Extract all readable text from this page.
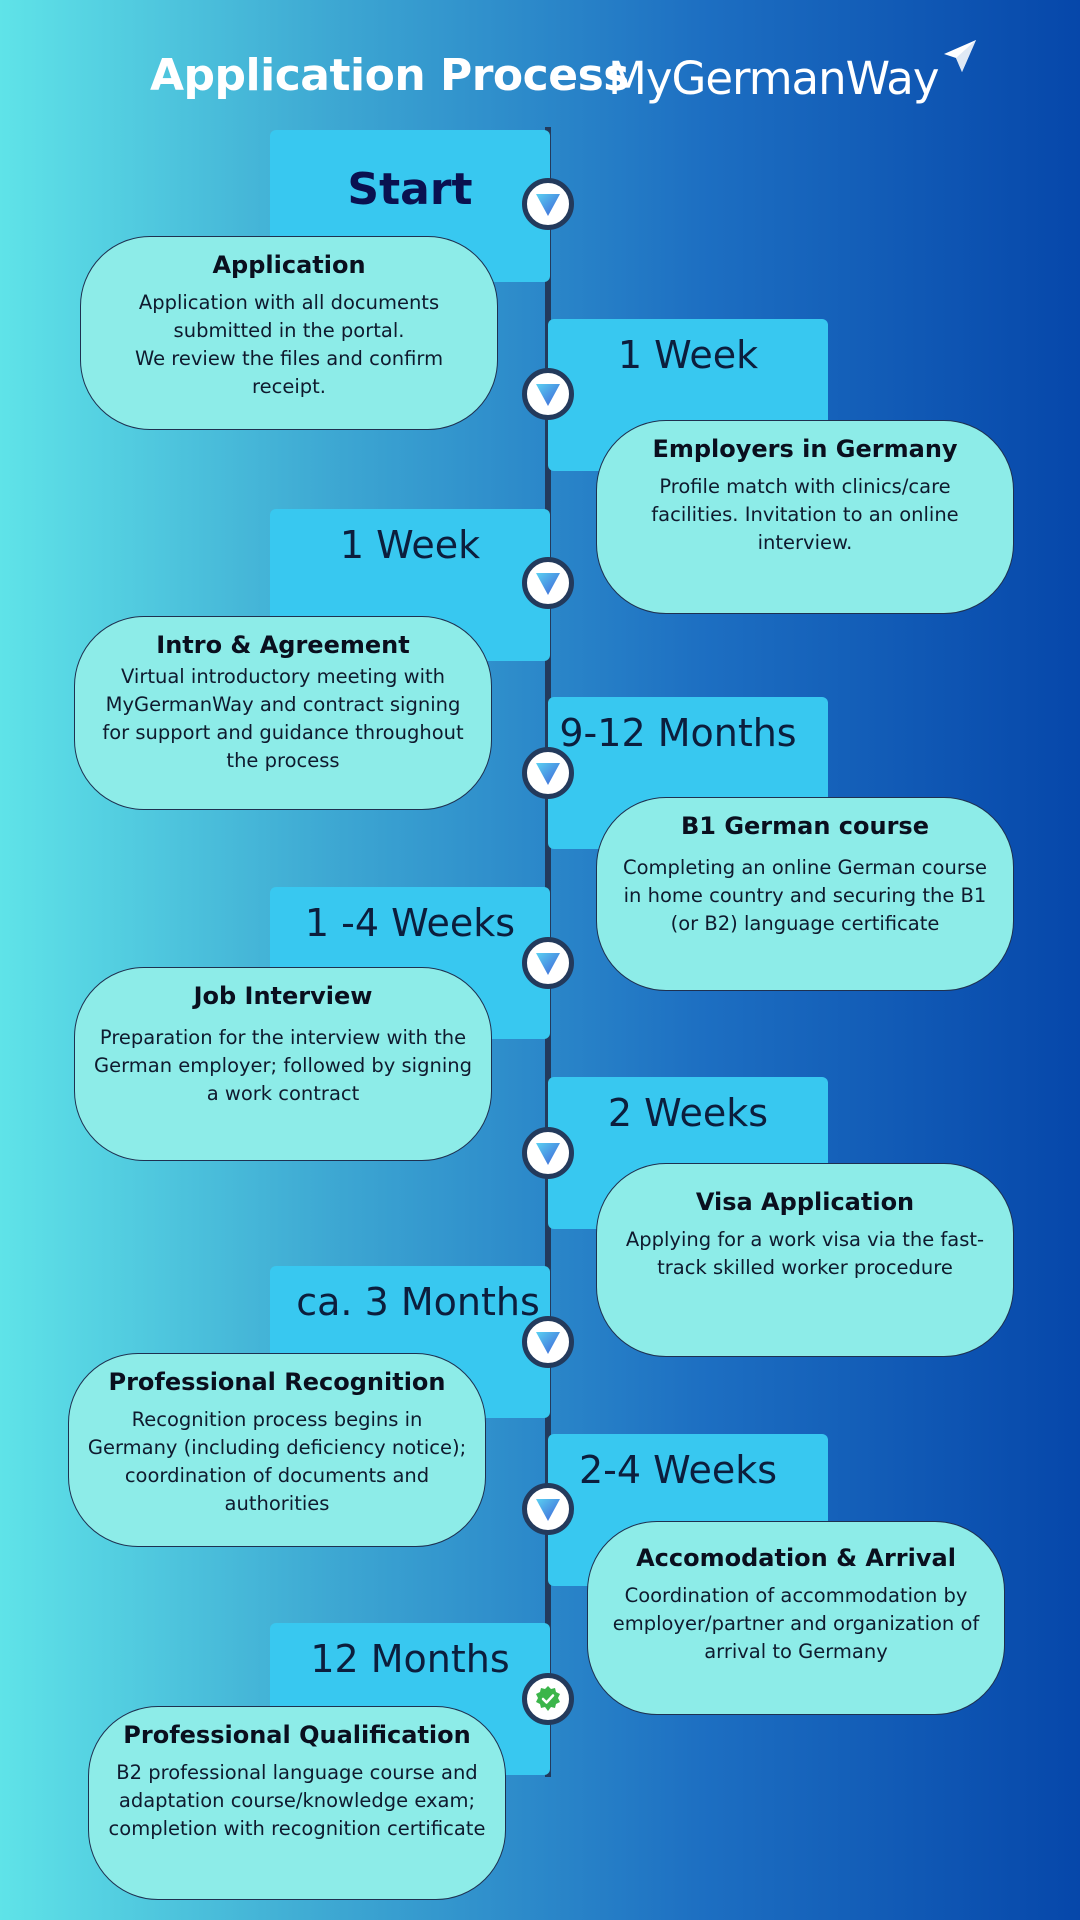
Application Process
MyGermanWay
Start
Application
Application with all documents submitted in the portal.
We review the files and confirm receipt.
1 Week
Employers in Germany
Profile match with clinics/care facilities. Invitation to an online interview.
1 Week
Intro & Agreement
Virtual introductory meeting with MyGermanWay and contract signing for support and guidance throughout the process
9-12 Months
B1 German course
Completing an online German course in home country and securing the B1 (or B2) language certificate
1 -4 Weeks
Job Interview
Preparation for the interview with the German employer; followed by signing a work contract	2 Weeks
Visa Application
Applying for a work visa via the fast-track skilled worker procedure
ca. 3 Months
Professional Recognition
Recognition process begins in Germany (including deficiency notice); coordination of documents and authorities
2-4 Weeks
Accomodation & Arrival
Coordination of accommodation by employer/partner and organization of arrival to Germany
12 Months
Professional Qualification
B2 professional language course and adaptation course/knowledge exam; completion with recognition certificate
